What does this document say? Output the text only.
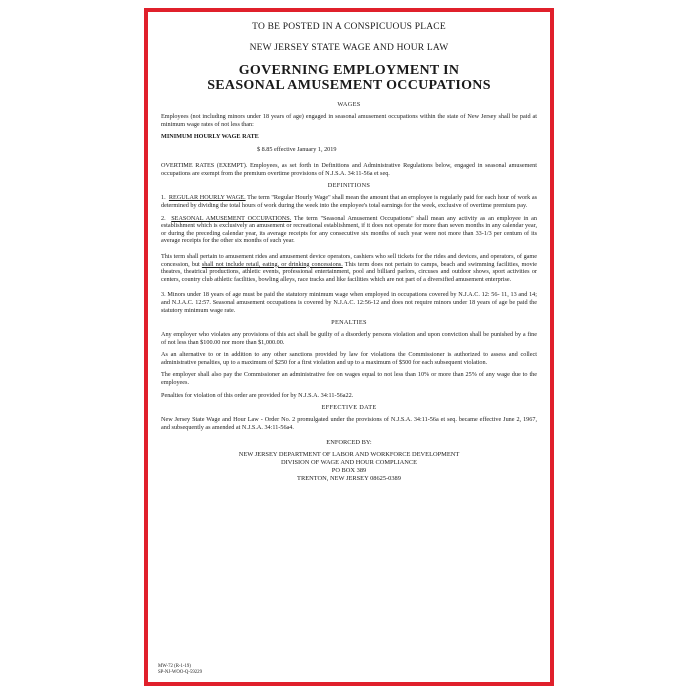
TO BE POSTED IN A CONSPICUOUS PLACE
NEW JERSEY STATE WAGE AND HOUR LAW
GOVERNING EMPLOYMENT IN
SEASONAL AMUSEMENT OCCUPATIONS
WAGES

Employees (not including minors under 18 years of age) engaged in seasonal amusement occupations within the state of New Jersey shall be paid at minimum wage rates of not less than:

MINIMUM HOURLY WAGE RATE
$ 8.85 effective January 1, 2019

OVERTIME RATES (EXEMPT). Employees, as set forth in Definitions and Administrative Regulations below, engaged in seasonal amusement occupations are exempt from the premium overtime provisions of N.J.S.A. 34:11-56a et seq.

DEFINITIONS

1. REGULAR HOURLY WAGE. The term "Regular Hourly Wage" shall mean the amount that an employee is regularly paid for each hour of work as determined by dividing the total hours of work during the week into the employee's total earnings for the week, exclusive of overtime premium pay.

2. SEASONAL AMUSEMENT OCCUPATIONS. The term "Seasonal Amusement Occupations" shall mean any activity as an employee in an establishment which is exclusively an amusement or recreational establishment, if it does not operate for more than seven months in any calendar year, or during the preceding calendar year, its average receipts for any consecutive six months of such year were not more than 33-1/3 per centum of its average receipts for the other six months of such year.

This term shall pertain to amusement rides and amusement device operators, cashiers who sell tickets for the rides and devices, and operators, of game concession, but shall not include retail, eating, or drinking concessions. This term does not pertain to camps, beach and swimming facilities, movie theatres, theatrical productions, athletic events, professional entertainment, pool and billiard parlors, circuses and outdoor shows, sport activities or centers, country club athletic facilities, bowling alleys, race tracks and like facilities which are not part of a diversified amusement enterprise.

3. Minors under 18 years of age must be paid the statutory minimum wage when employed in occupations covered by N.J.A.C. 12: 56- 11, 13 and 14; and N.J.A.C. 12:57. Seasonal amusement occupations is covered by N.J.A.C. 12:56-12 and does not require minors under 18 years of age be paid the statutory minimum wage rate.

PENALTIES

Any employer who violates any provisions of this act shall be guilty of a disorderly persons violation and upon conviction shall be punished by a fine of not less than $100.00 nor more than $1,000.00.

As an alternative to or in addition to any other sanctions provided by law for violations the Commissioner is authorized to assess and collect administrative penalties, up to a maximum of $250 for a first violation and up to a maximum of $500 for each subsequent violation.

The employer shall also pay the Commissioner an administrative fee on wages equal to not less than 10% or more than 25% of any wage due to the employees.

Penalties for violation of this order are provided for by N.J.S.A. 34:11-56a22.

EFFECTIVE DATE

New Jersey State Wage and Hour Law - Order No. 2 promulgated under the provisions of N.J.S.A. 34:11-56a et seq. became effective June 2, 1967, and subsequently as amended at N.J.S.A. 34:11-56a4.

ENFORCED BY:
NEW JERSEY DEPARTMENT OF LABOR AND WORKFORCE DEVELOPMENT
DIVISION OF WAGE AND HOUR COMPLIANCE
PO BOX 389
TRENTON, NEW JERSEY 08625-0389
MW-72 (R-1-19)
SP-NJ-WOO-Q-59229
